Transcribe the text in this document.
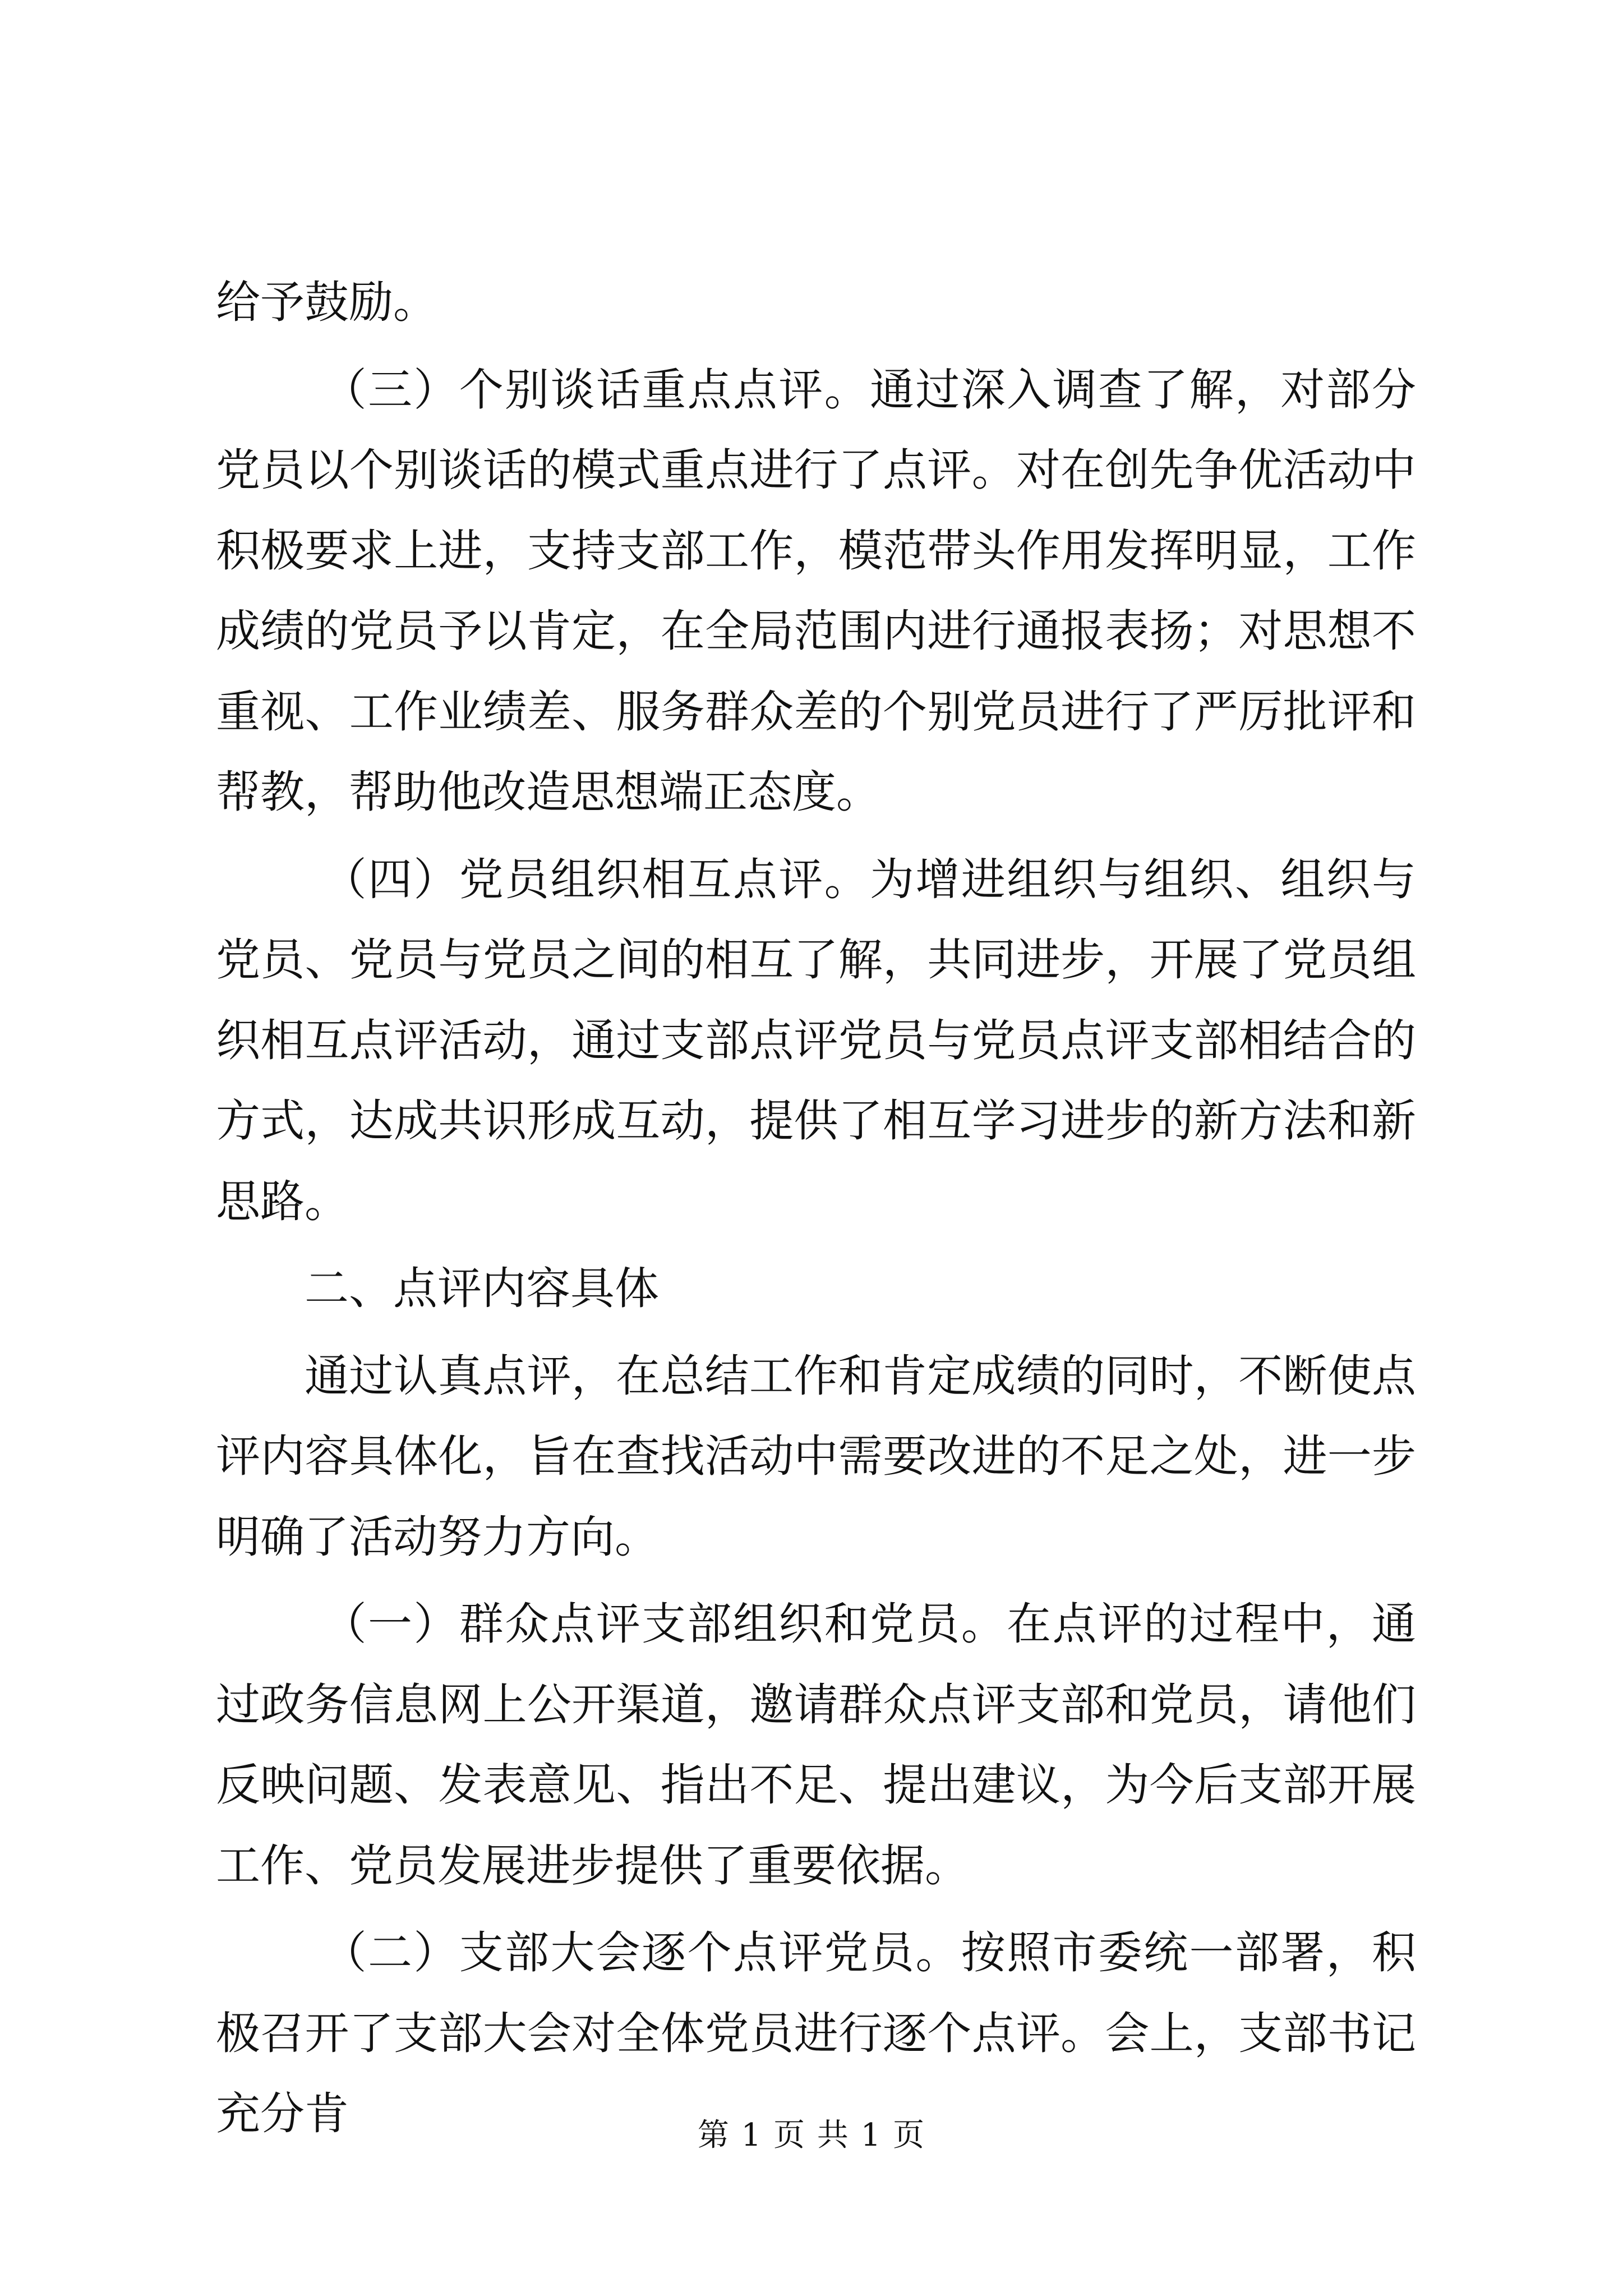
给予鼓励。

（三）个别谈话重点点评。通过深入调查了解，对部分党员以个别谈话的模式重点进行了点评。对在创先争优活动中积极要求上进，支持支部工作，模范带头作用发挥明显，工作成绩的党员予以肯定，在全局范围内进行通报表扬；对思想不重视、工作业绩差、服务群众差的个别党员进行了严厉批评和帮教，帮助他改造思想端正态度。

（四）党员组织相互点评。为增进组织与组织、组织与党员、党员与党员之间的相互了解，共同进步，开展了党员组织相互点评活动，通过支部点评党员与党员点评支部相结合的方式，达成共识形成互动，提供了相互学习进步的新方法和新思路。

二、点评内容具体

通过认真点评，在总结工作和肯定成绩的同时，不断使点评内容具体化，旨在查找活动中需要改进的不足之处，进一步明确了活动努力方向。

（一）群众点评支部组织和党员。在点评的过程中，通过政务信息网上公开渠道，邀请群众点评支部和党员，请他们反映问题、发表意见、指出不足、提出建议，为今后支部开展工作、党员发展进步提供了重要依据。

（二）支部大会逐个点评党员。按照市委统一部署，积极召开了支部大会对全体党员进行逐个点评。会上，支部书记充分肯	第 1 页 共 1 页
